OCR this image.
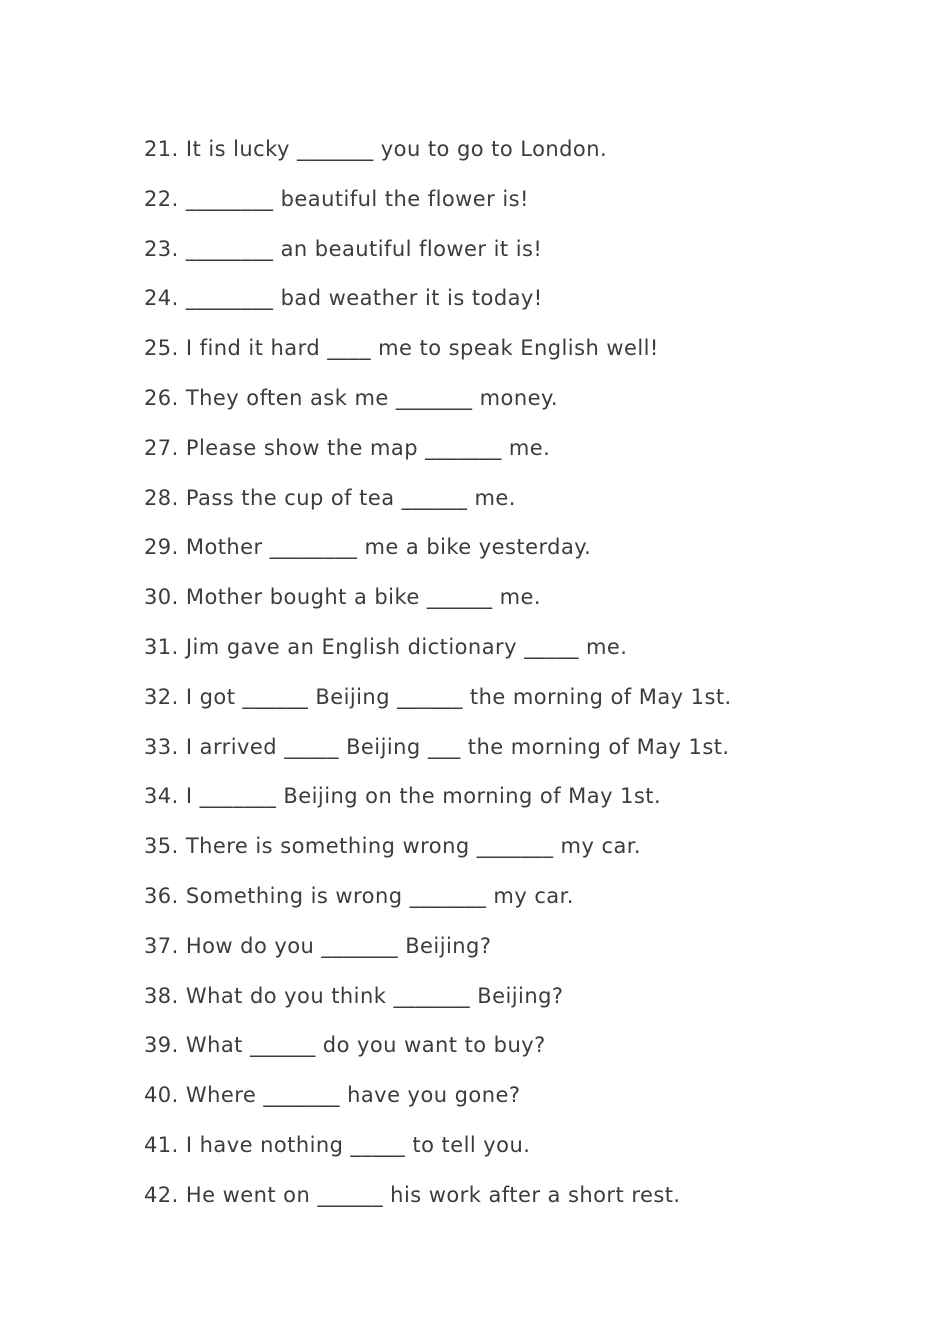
21. It is lucky _______ you to go to London.
22. ________ beautiful the flower is!
23. ________ an beautiful flower it is!
24. ________ bad weather it is today!
25. I find it hard ____ me to speak English well!
26. They often ask me _______ money.
27. Please show the map _______ me.
28. Pass the cup of tea ______ me.
29. Mother ________ me a bike yesterday.
30. Mother bought a bike ______ me.
31. Jim gave an English dictionary _____ me.
32. I got ______ Beijing ______ the morning of May 1st.
33. I arrived _____ Beijing ___ the morning of May 1st.
34. I _______ Beijing on the morning of May 1st.
35. There is something wrong _______ my car.
36. Something is wrong _______ my car.
37. How do you _______ Beijing?
38. What do you think _______ Beijing?
39. What ______ do you want to buy?
40. Where _______ have you gone?
41. I have nothing _____ to tell you.
42. He went on ______ his work after a short rest.
